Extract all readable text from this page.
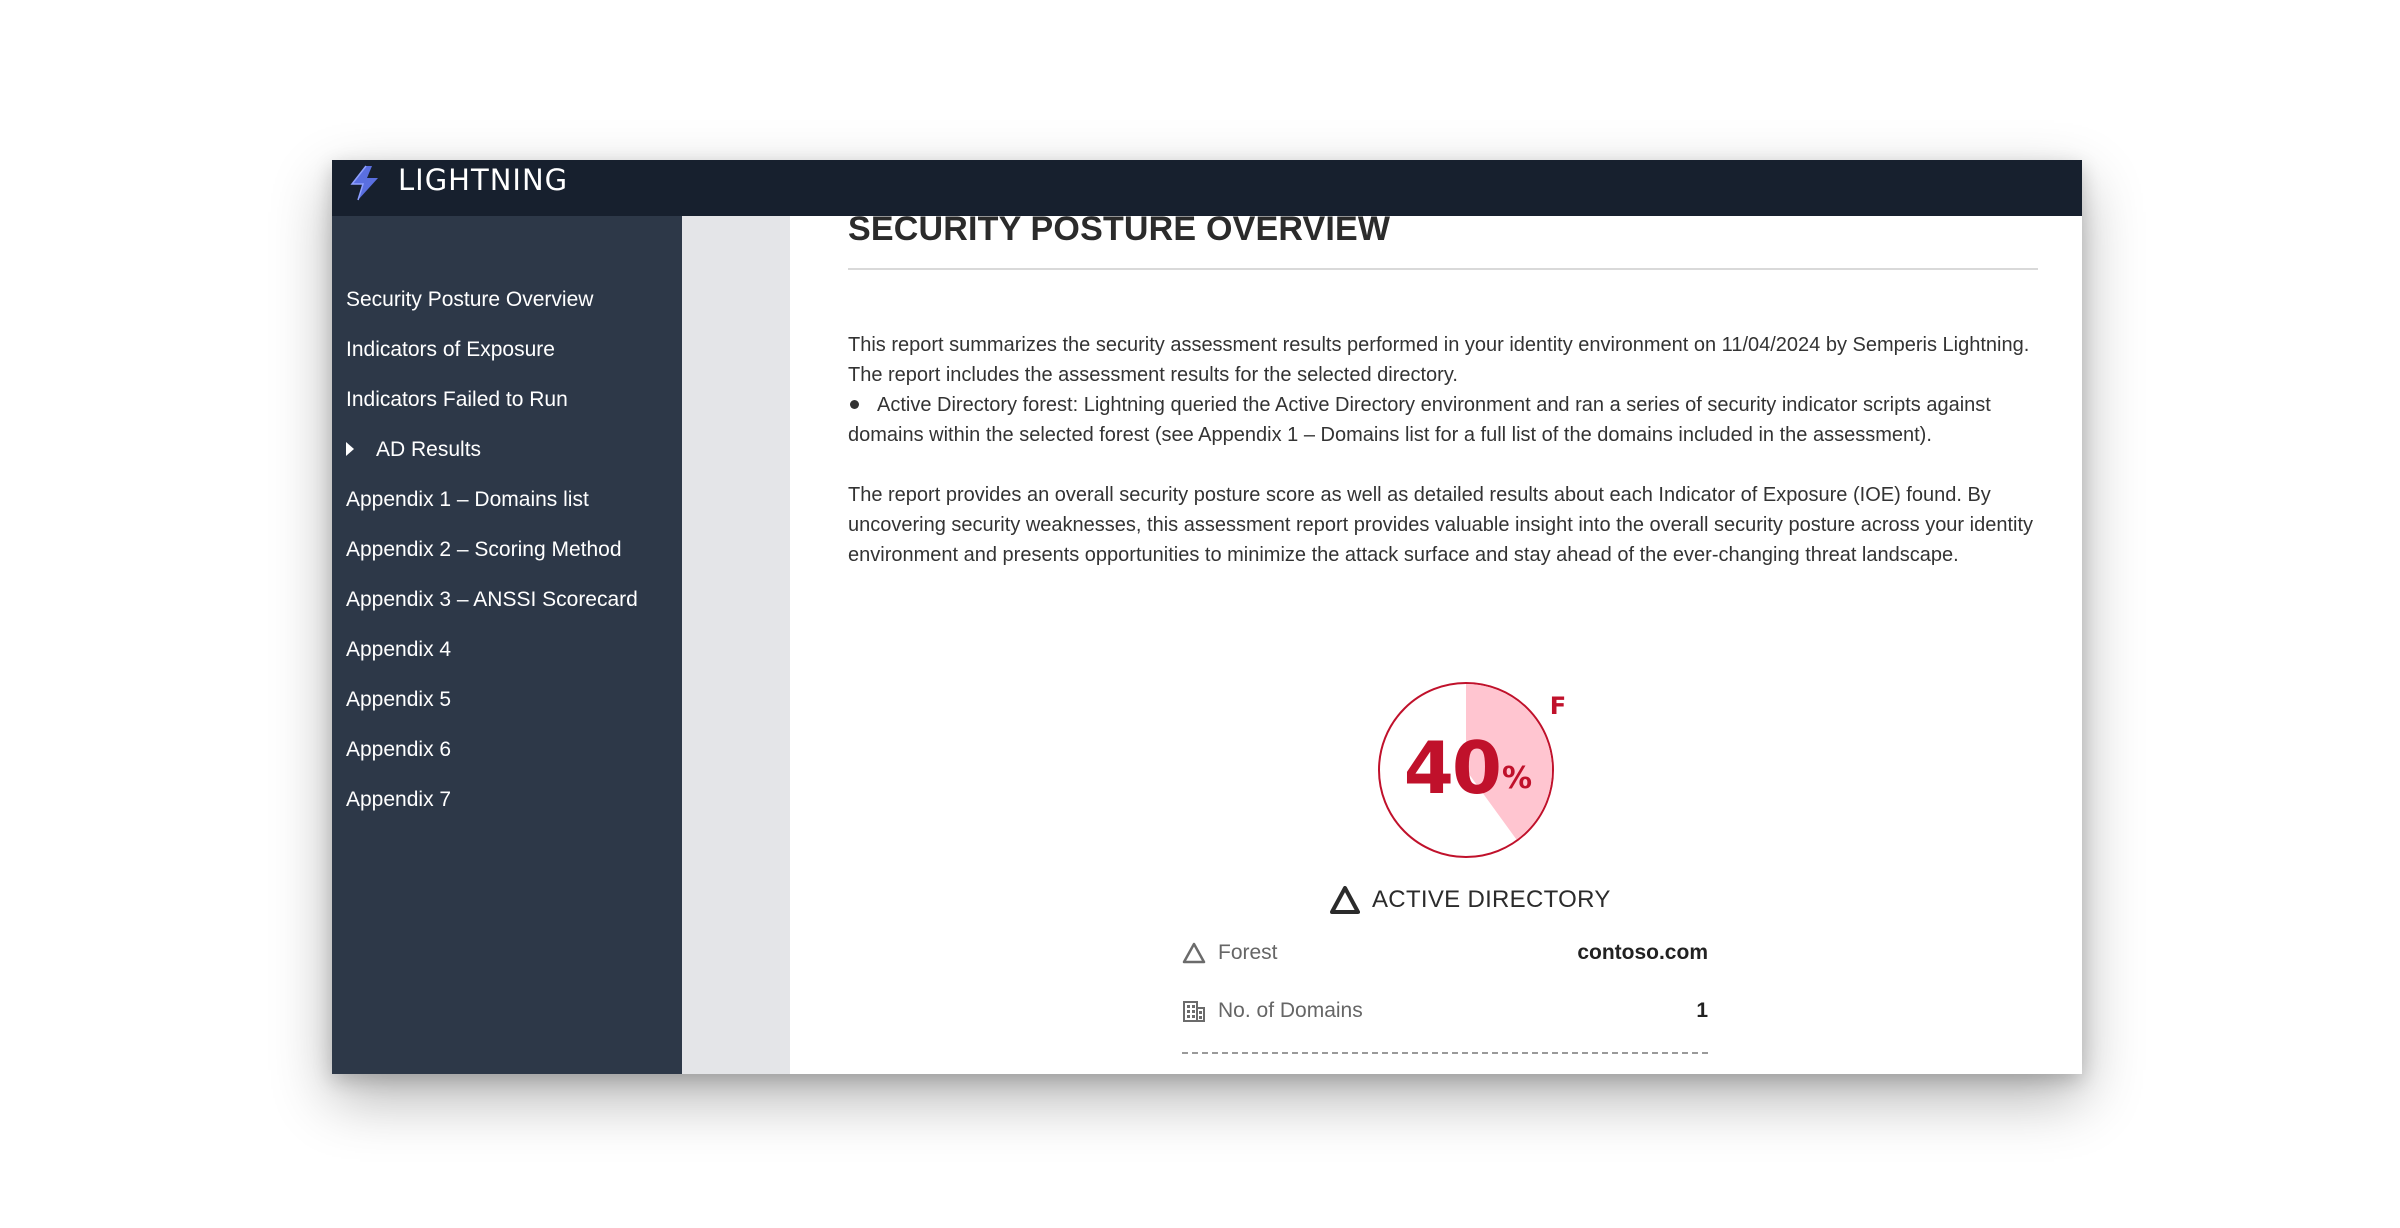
LIGHTNING
Security Posture Overview
Indicators of Exposure
Indicators Failed to Run
AD Results
Appendix 1 – Domains list
Appendix 2 – Scoring Method
Appendix 3 – ANSSI Scorecard
Appendix 4
Appendix 5
Appendix 6
Appendix 7
SECURITY POSTURE OVERVIEW
This report summarizes the security assessment results performed in your identity environment on 11/04/2024 by Semperis Lightning. The report includes the assessment results for the selected directory.
Active Directory forest: Lightning queried the Active Directory environment and ran a series of security indicator scripts against domains within the selected forest (see Appendix 1 – Domains list for a full list of the domains included in the assessment).
The report provides an overall security posture score as well as detailed results about each Indicator of Exposure (IOE) found. By uncovering security weaknesses, this assessment report provides valuable insight into the overall security posture across your identity environment and presents opportunities to minimize the attack surface and stay ahead of the ever-changing threat landscape.
40 %
F
ACTIVE DIRECTORY
Forest	contoso.com
No. of Domains	1
